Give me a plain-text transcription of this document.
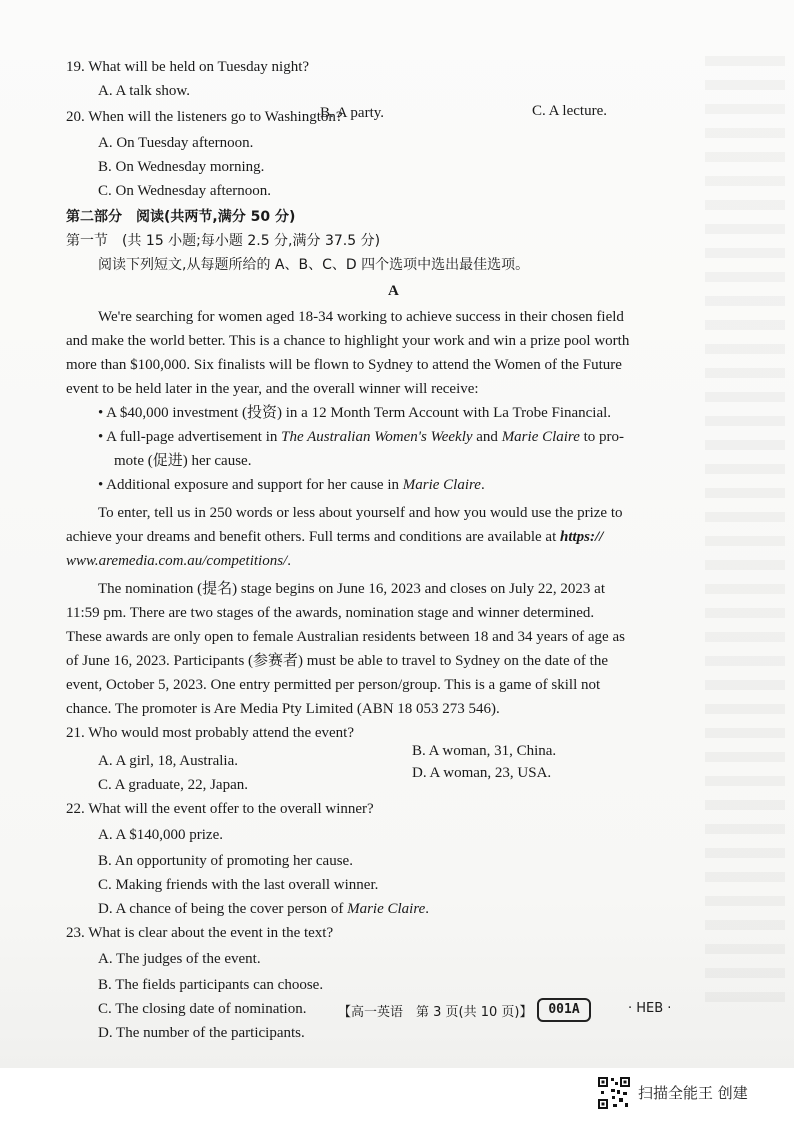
19. What will be held on Tuesday night?
A. A talk show.
B. A party.	C. A lecture.
20. When will the listeners go to Washington?
A. On Tuesday afternoon.
B. On Wednesday morning.
C. On Wednesday afternoon.
第二部分　阅读(共两节,满分 50 分)
第一节　(共 15 小题;每小题 2.5 分,满分 37.5 分)
阅读下列短文,从每题所给的 A、B、C、D 四个选项中选出最佳选项。
A
We're searching for women aged 18-34 working to achieve success in their chosen field
and make the world better. This is a chance to highlight your work and win a prize pool worth
more than $100,000. Six finalists will be flown to Sydney to attend the Women of the Future
event to be held later in the year, and the overall winner will receive:
• A $40,000 investment (投资) in a 12 Month Term Account with La Trobe Financial.
• A full-page advertisement in The Australian Women's Weekly and Marie Claire to pro-
mote (促进) her cause.
• Additional exposure and support for her cause in Marie Claire.
To enter, tell us in 250 words or less about yourself and how you would use the prize to
achieve your dreams and benefit others. Full terms and conditions are available at https://
www.aremedia.com.au/competitions/.
The nomination (提名) stage begins on June 16, 2023 and closes on July 22, 2023 at
11:59 pm. There are two stages of the awards, nomination stage and winner determined.
These awards are only open to female Australian residents between 18 and 34 years of age as
of June 16, 2023. Participants (参赛者) must be able to travel to Sydney on the date of the
event, October 5, 2023. One entry permitted per person/group. This is a game of skill not
chance. The promoter is Are Media Pty Limited (ABN 18 053 273 546).
21. Who would most probably attend the event?
A. A girl, 18, Australia.
B. A woman, 31, China.
C. A graduate, 22, Japan.
D. A woman, 23, USA.
22. What will the event offer to the overall winner?
A. A $140,000 prize.
B. An opportunity of promoting her cause.
C. Making friends with the last overall winner.
D. A chance of being the cover person of Marie Claire.
23. What is clear about the event in the text?
A. The judges of the event.
B. The fields participants can choose.
C. The closing date of nomination.
D. The number of the participants.
【高一英语　第 3 页(共 10 页)】	001A	· HEB ·
扫描全能王 创建
